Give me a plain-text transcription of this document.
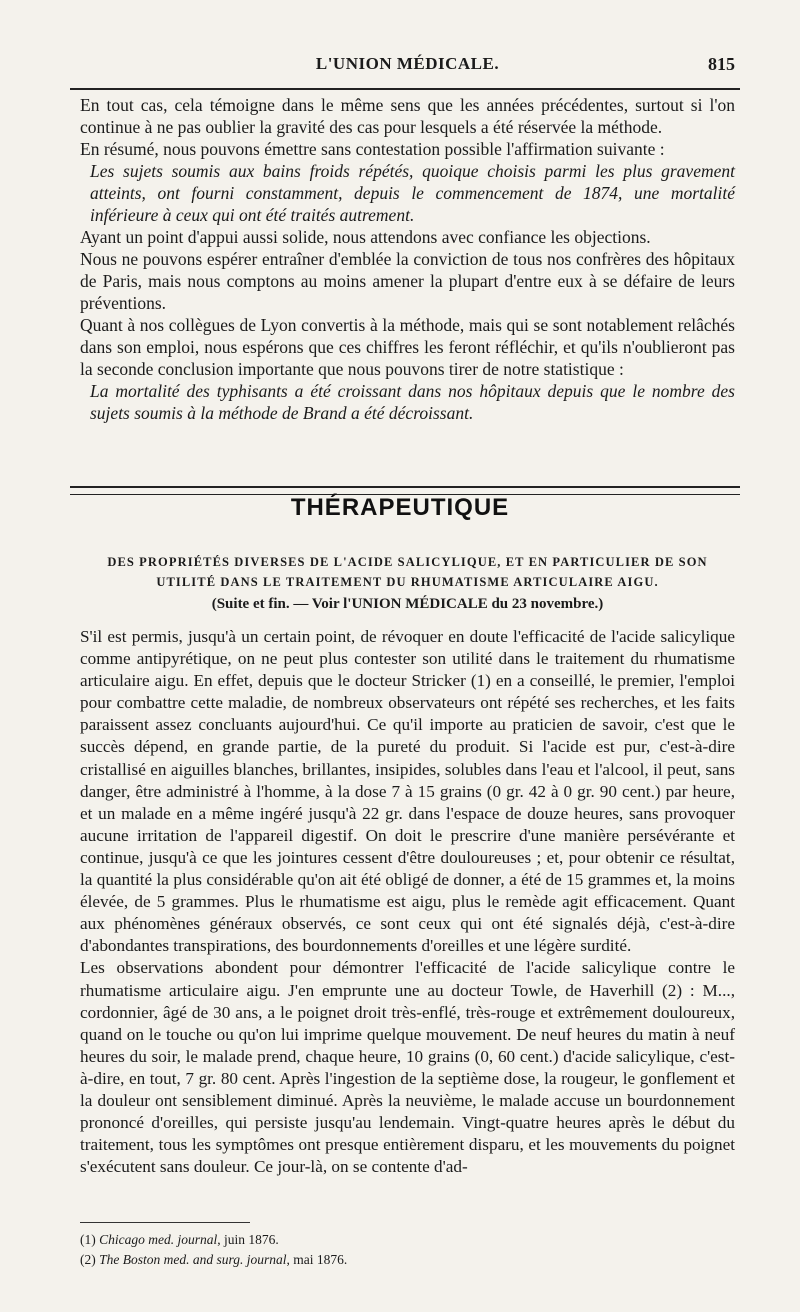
L'UNION MÉDICALE.	815

En tout cas, cela témoigne dans le même sens que les années précédentes, surtout si l'on continue à ne pas oublier la gravité des cas pour lesquels a été réservée la méthode.

En résumé, nous pouvons émettre sans contestation possible l'affirmation suivante :

Les sujets soumis aux bains froids répétés, quoique choisis parmi les plus gravement atteints, ont fourni constamment, depuis le commencement de 1874, une mortalité inférieure à ceux qui ont été traités autrement.

Ayant un point d'appui aussi solide, nous attendons avec confiance les objections.

Nous ne pouvons espérer entraîner d'emblée la conviction de tous nos confrères des hôpitaux de Paris, mais nous comptons au moins amener la plupart d'entre eux à se défaire de leurs préventions.

Quant à nos collègues de Lyon convertis à la méthode, mais qui se sont notablement relâchés dans son emploi, nous espérons que ces chiffres les feront réfléchir, et qu'ils n'oublieront pas la seconde conclusion importante que nous pouvons tirer de notre statistique :

La mortalité des typhisants a été croissant dans nos hôpitaux depuis que le nombre des sujets soumis à la méthode de Brand a été décroissant.

THÉRAPEUTIQUE
DES PROPRIÉTÉS DIVERSES DE L'ACIDE SALICYLIQUE, ET EN PARTICULIER DE SON UTILITÉ DANS LE TRAITEMENT DU RHUMATISME ARTICULAIRE AIGU.
(Suite et fin. — Voir l'UNION MÉDICALE du 23 novembre.)

S'il est permis, jusqu'à un certain point, de révoquer en doute l'efficacité de l'acide salicylique comme antipyrétique, on ne peut plus contester son utilité dans le traitement du rhumatisme articulaire aigu. En effet, depuis que le docteur Stricker (1) en a conseillé, le premier, l'emploi pour combattre cette maladie, de nombreux observateurs ont répété ses recherches, et les faits paraissent assez concluants aujourd'hui. Ce qu'il importe au praticien de savoir, c'est que le succès dépend, en grande partie, de la pureté du produit. Si l'acide est pur, c'est-à-dire cristallisé en aiguilles blanches, brillantes, insipides, solubles dans l'eau et l'alcool, il peut, sans danger, être administré à l'homme, à la dose 7 à 15 grains (0 gr. 42 à 0 gr. 90 cent.) par heure, et un malade en a même ingéré jusqu'à 22 gr. dans l'espace de douze heures, sans provoquer aucune irritation de l'appareil digestif. On doit le prescrire d'une manière persévérante et continue, jusqu'à ce que les jointures cessent d'être douloureuses ; et, pour obtenir ce résultat, la quantité la plus considérable qu'on ait été obligé de donner, a été de 15 grammes et, la moins élevée, de 5 grammes. Plus le rhumatisme est aigu, plus le remède agit efficacement. Quant aux phénomènes généraux observés, ce sont ceux qui ont été signalés déjà, c'est-à-dire d'abondantes transpirations, des bourdonnements d'oreilles et une légère surdité.

Les observations abondent pour démontrer l'efficacité de l'acide salicylique contre le rhumatisme articulaire aigu. J'en emprunte une au docteur Towle, de Haverhill (2) : M..., cordonnier, âgé de 30 ans, a le poignet droit très-enflé, très-rouge et extrêmement douloureux, quand on le touche ou qu'on lui imprime quelque mouvement. De neuf heures du matin à neuf heures du soir, le malade prend, chaque heure, 10 grains (0, 60 cent.) d'acide salicylique, c'est-à-dire, en tout, 7 gr. 80 cent. Après l'ingestion de la septième dose, la rougeur, le gonflement et la douleur ont sensiblement diminué. Après la neuvième, le malade accuse un bourdonnement prononcé d'oreilles, qui persiste jusqu'au lendemain. Vingt-quatre heures après le début du traitement, tous les symptômes ont presque entièrement disparu, et les mouvements du poignet s'exécutent sans douleur. Ce jour-là, on se contente d'ad-

(1) Chicago med. journal, juin 1876.

(2) The Boston med. and surg. journal, mai 1876.
